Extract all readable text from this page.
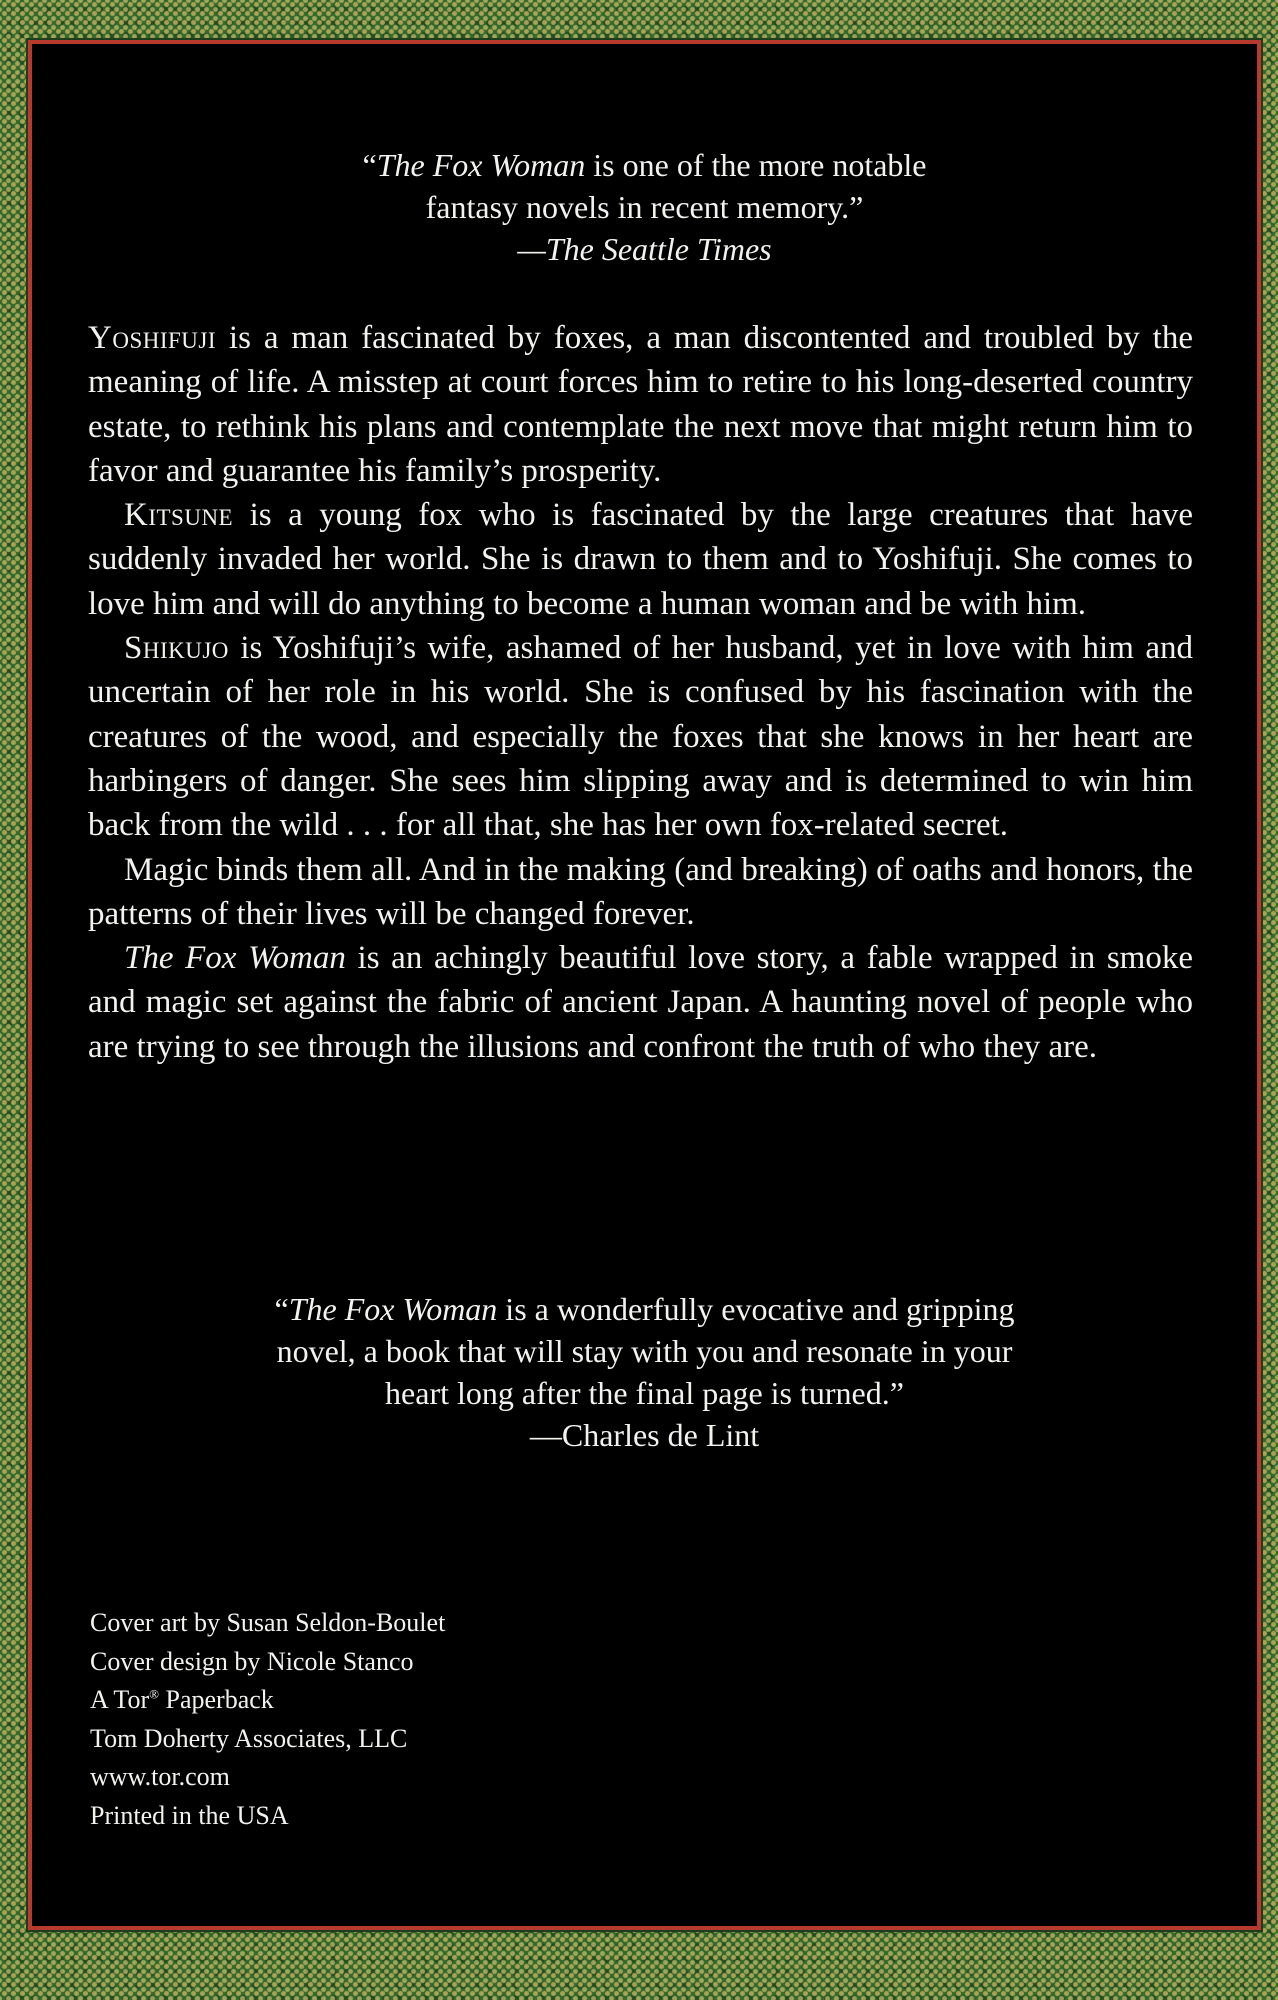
“The Fox Woman is one of the more notable
fantasy novels in recent memory.”
—The Seattle Times

Yoshifuji is a man fascinated by foxes, a man discontented and troubled by the meaning of life. A misstep at court forces him to retire to his long-deserted country estate, to rethink his plans and contemplate the next move that might return him to favor and guarantee his family’s prosperity.

Kitsune is a young fox who is fascinated by the large creatures that have suddenly invaded her world. She is drawn to them and to Yoshifuji. She comes to love him and will do anything to become a human woman and be with him.

Shikujo is Yoshifuji’s wife, ashamed of her husband, yet in love with him and uncertain of her role in his world. She is confused by his fascination with the creatures of the wood, and especially the foxes that she knows in her heart are harbingers of danger. She sees him slipping away and is determined to win him back from the wild . . . for all that, she has her own fox-related secret.

Magic binds them all. And in the making (and breaking) of oaths and honors, the patterns of their lives will be changed forever.

The Fox Woman is an achingly beautiful love story, a fable wrapped in smoke and magic set against the fabric of ancient Japan. A haunting novel of people who are trying to see through the illusions and confront the truth of who they are.

“The Fox Woman is a wonderfully evocative and gripping
novel, a book that will stay with you and resonate in your
heart long after the final page is turned.”
—Charles de Lint
Cover art by Susan Seldon-Boulet
Cover design by Nicole Stanco
A Tor® Paperback
Tom Doherty Associates, LLC
www.tor.com
Printed in the USA
